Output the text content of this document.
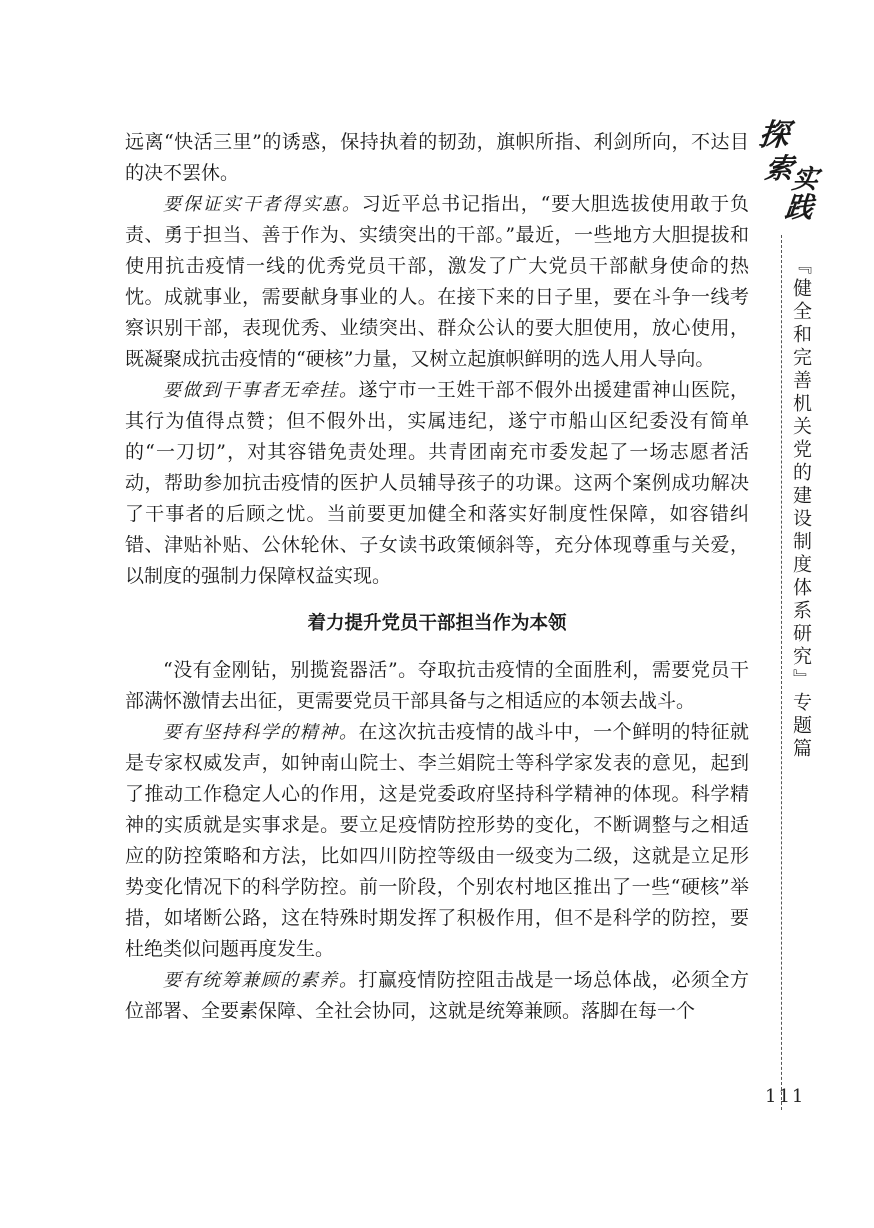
远离“快活三里”的诱惑，保持执着的韧劲，旗帜所指、利剑所向，不达目的决不罢休。

要保证实干者得实惠。习近平总书记指出，“要大胆选拔使用敢于负责、勇于担当、善于作为、实绩突出的干部。”最近，一些地方大胆提拔和使用抗击疫情一线的优秀党员干部，激发了广大党员干部献身使命的热忱。成就事业，需要献身事业的人。在接下来的日子里，要在斗争一线考察识别干部，表现优秀、业绩突出、群众公认的要大胆使用，放心使用，既凝聚成抗击疫情的“硬核”力量，又树立起旗帜鲜明的选人用人导向。

要做到干事者无牵挂。遂宁市一王姓干部不假外出援建雷神山医院，其行为值得点赞；但不假外出，实属违纪，遂宁市船山区纪委没有简单的“一刀切”，对其容错免责处理。共青团南充市委发起了一场志愿者活动，帮助参加抗击疫情的医护人员辅导孩子的功课。这两个案例成功解决了干事者的后顾之忧。当前要更加健全和落实好制度性保障，如容错纠错、津贴补贴、公休轮休、子女读书政策倾斜等，充分体现尊重与关爱，以制度的强制力保障权益实现。

着力提升党员干部担当作为本领

“没有金刚钻，别揽瓷器活”。夺取抗击疫情的全面胜利，需要党员干部满怀激情去出征，更需要党员干部具备与之相适应的本领去战斗。

要有坚持科学的精神。在这次抗击疫情的战斗中，一个鲜明的特征就是专家权威发声，如钟南山院士、李兰娟院士等科学家发表的意见，起到了推动工作稳定人心的作用，这是党委政府坚持科学精神的体现。科学精神的实质就是实事求是。要立足疫情防控形势的变化，不断调整与之相适应的防控策略和方法，比如四川防控等级由一级变为二级，这就是立足形势变化情况下的科学防控。前一阶段，个别农村地区推出了一些“硬核”举措，如堵断公路，这在特殊时期发挥了积极作用，但不是科学的防控，要杜绝类似问题再度发生。

要有统筹兼顾的素养。打赢疫情防控阻击战是一场总体战，必须全方位部署、全要素保障、全社会协同，这就是统筹兼顾。落脚在每一个

探
索
实
践
『健全和完善机关党的建设制度体系研究』专题篇
111
